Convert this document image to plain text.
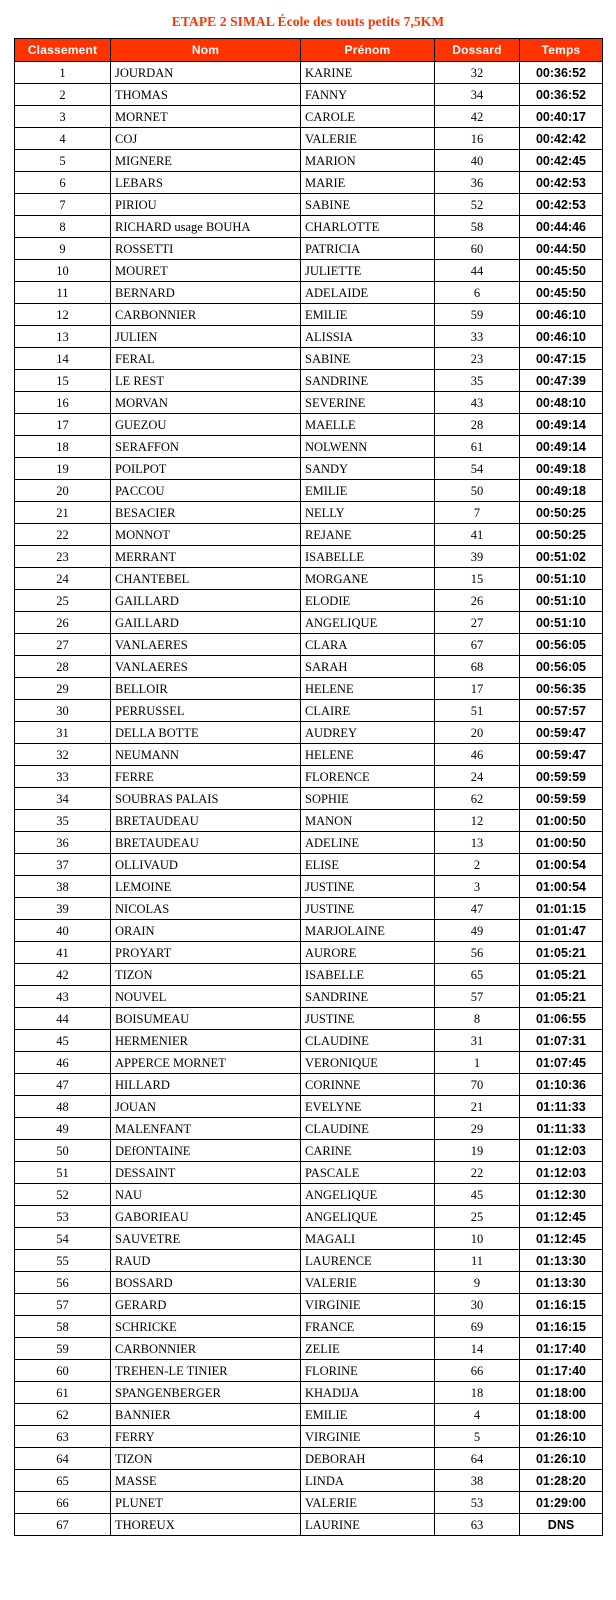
ETAPE 2 SIMAL École des touts petits 7,5KM
Classement	Nom	Prénom	Dossard	Temps
1	JOURDAN	KARINE	32	00:36:52
2	THOMAS	FANNY	34	00:36:52
3	MORNET	CAROLE	42	00:40:17
4	COJ	VALERIE	16	00:42:42
5	MIGNERE	MARION	40	00:42:45
6	LEBARS	MARIE	36	00:42:53
7	PIRIOU	SABINE	52	00:42:53
8	RICHARD usage BOUHA	CHARLOTTE	58	00:44:46
9	ROSSETTI	PATRICIA	60	00:44:50
10	MOURET	JULIETTE	44	00:45:50
11	BERNARD	ADELAIDE	6	00:45:50
12	CARBONNIER	EMILIE	59	00:46:10
13	JULIEN	ALISSIA	33	00:46:10
14	FERAL	SABINE	23	00:47:15
15	LE REST	SANDRINE	35	00:47:39
16	MORVAN	SEVERINE	43	00:48:10
17	GUEZOU	MAELLE	28	00:49:14
18	SERAFFON	NOLWENN	61	00:49:14
19	POILPOT	SANDY	54	00:49:18
20	PACCOU	EMILIE	50	00:49:18
21	BESACIER	NELLY	7	00:50:25
22	MONNOT	REJANE	41	00:50:25
23	MERRANT	ISABELLE	39	00:51:02
24	CHANTEBEL	MORGANE	15	00:51:10
25	GAILLARD	ELODIE	26	00:51:10
26	GAILLARD	ANGELIQUE	27	00:51:10
27	VANLAERES	CLARA	67	00:56:05
28	VANLAERES	SARAH	68	00:56:05
29	BELLOIR	HELENE	17	00:56:35
30	PERRUSSEL	CLAIRE	51	00:57:57
31	DELLA BOTTE	AUDREY	20	00:59:47
32	NEUMANN	HELENE	46	00:59:47
33	FERRE	FLORENCE	24	00:59:59
34	SOUBRAS PALAIS	SOPHIE	62	00:59:59
35	BRETAUDEAU	MANON	12	01:00:50
36	BRETAUDEAU	ADELINE	13	01:00:50
37	OLLIVAUD	ELISE	2	01:00:54
38	LEMOINE	JUSTINE	3	01:00:54
39	NICOLAS	JUSTINE	47	01:01:15
40	ORAIN	MARJOLAINE	49	01:01:47
41	PROYART	AURORE	56	01:05:21
42	TIZON	ISABELLE	65	01:05:21
43	NOUVEL	SANDRINE	57	01:05:21
44	BOISUMEAU	JUSTINE	8	01:06:55
45	HERMENIER	CLAUDINE	31	01:07:31
46	APPERCE MORNET	VERONIQUE	1	01:07:45
47	HILLARD	CORINNE	70	01:10:36
48	JOUAN	EVELYNE	21	01:11:33
49	MALENFANT	CLAUDINE	29	01:11:33
50	DEfONTAINE	CARINE	19	01:12:03
51	DESSAINT	PASCALE	22	01:12:03
52	NAU	ANGELIQUE	45	01:12:30
53	GABORIEAU	ANGELIQUE	25	01:12:45
54	SAUVETRE	MAGALI	10	01:12:45
55	RAUD	LAURENCE	11	01:13:30
56	BOSSARD	VALERIE	9	01:13:30
57	GERARD	VIRGINIE	30	01:16:15
58	SCHRICKE	FRANCE	69	01:16:15
59	CARBONNIER	ZELIE	14	01:17:40
60	TREHEN-LE TINIER	FLORINE	66	01:17:40
61	SPANGENBERGER	KHADIJA	18	01:18:00
62	BANNIER	EMILIE	4	01:18:00
63	FERRY	VIRGINIE	5	01:26:10
64	TIZON	DEBORAH	64	01:26:10
65	MASSE	LINDA	38	01:28:20
66	PLUNET	VALERIE	53	01:29:00
67	THOREUX	LAURINE	63	DNS
